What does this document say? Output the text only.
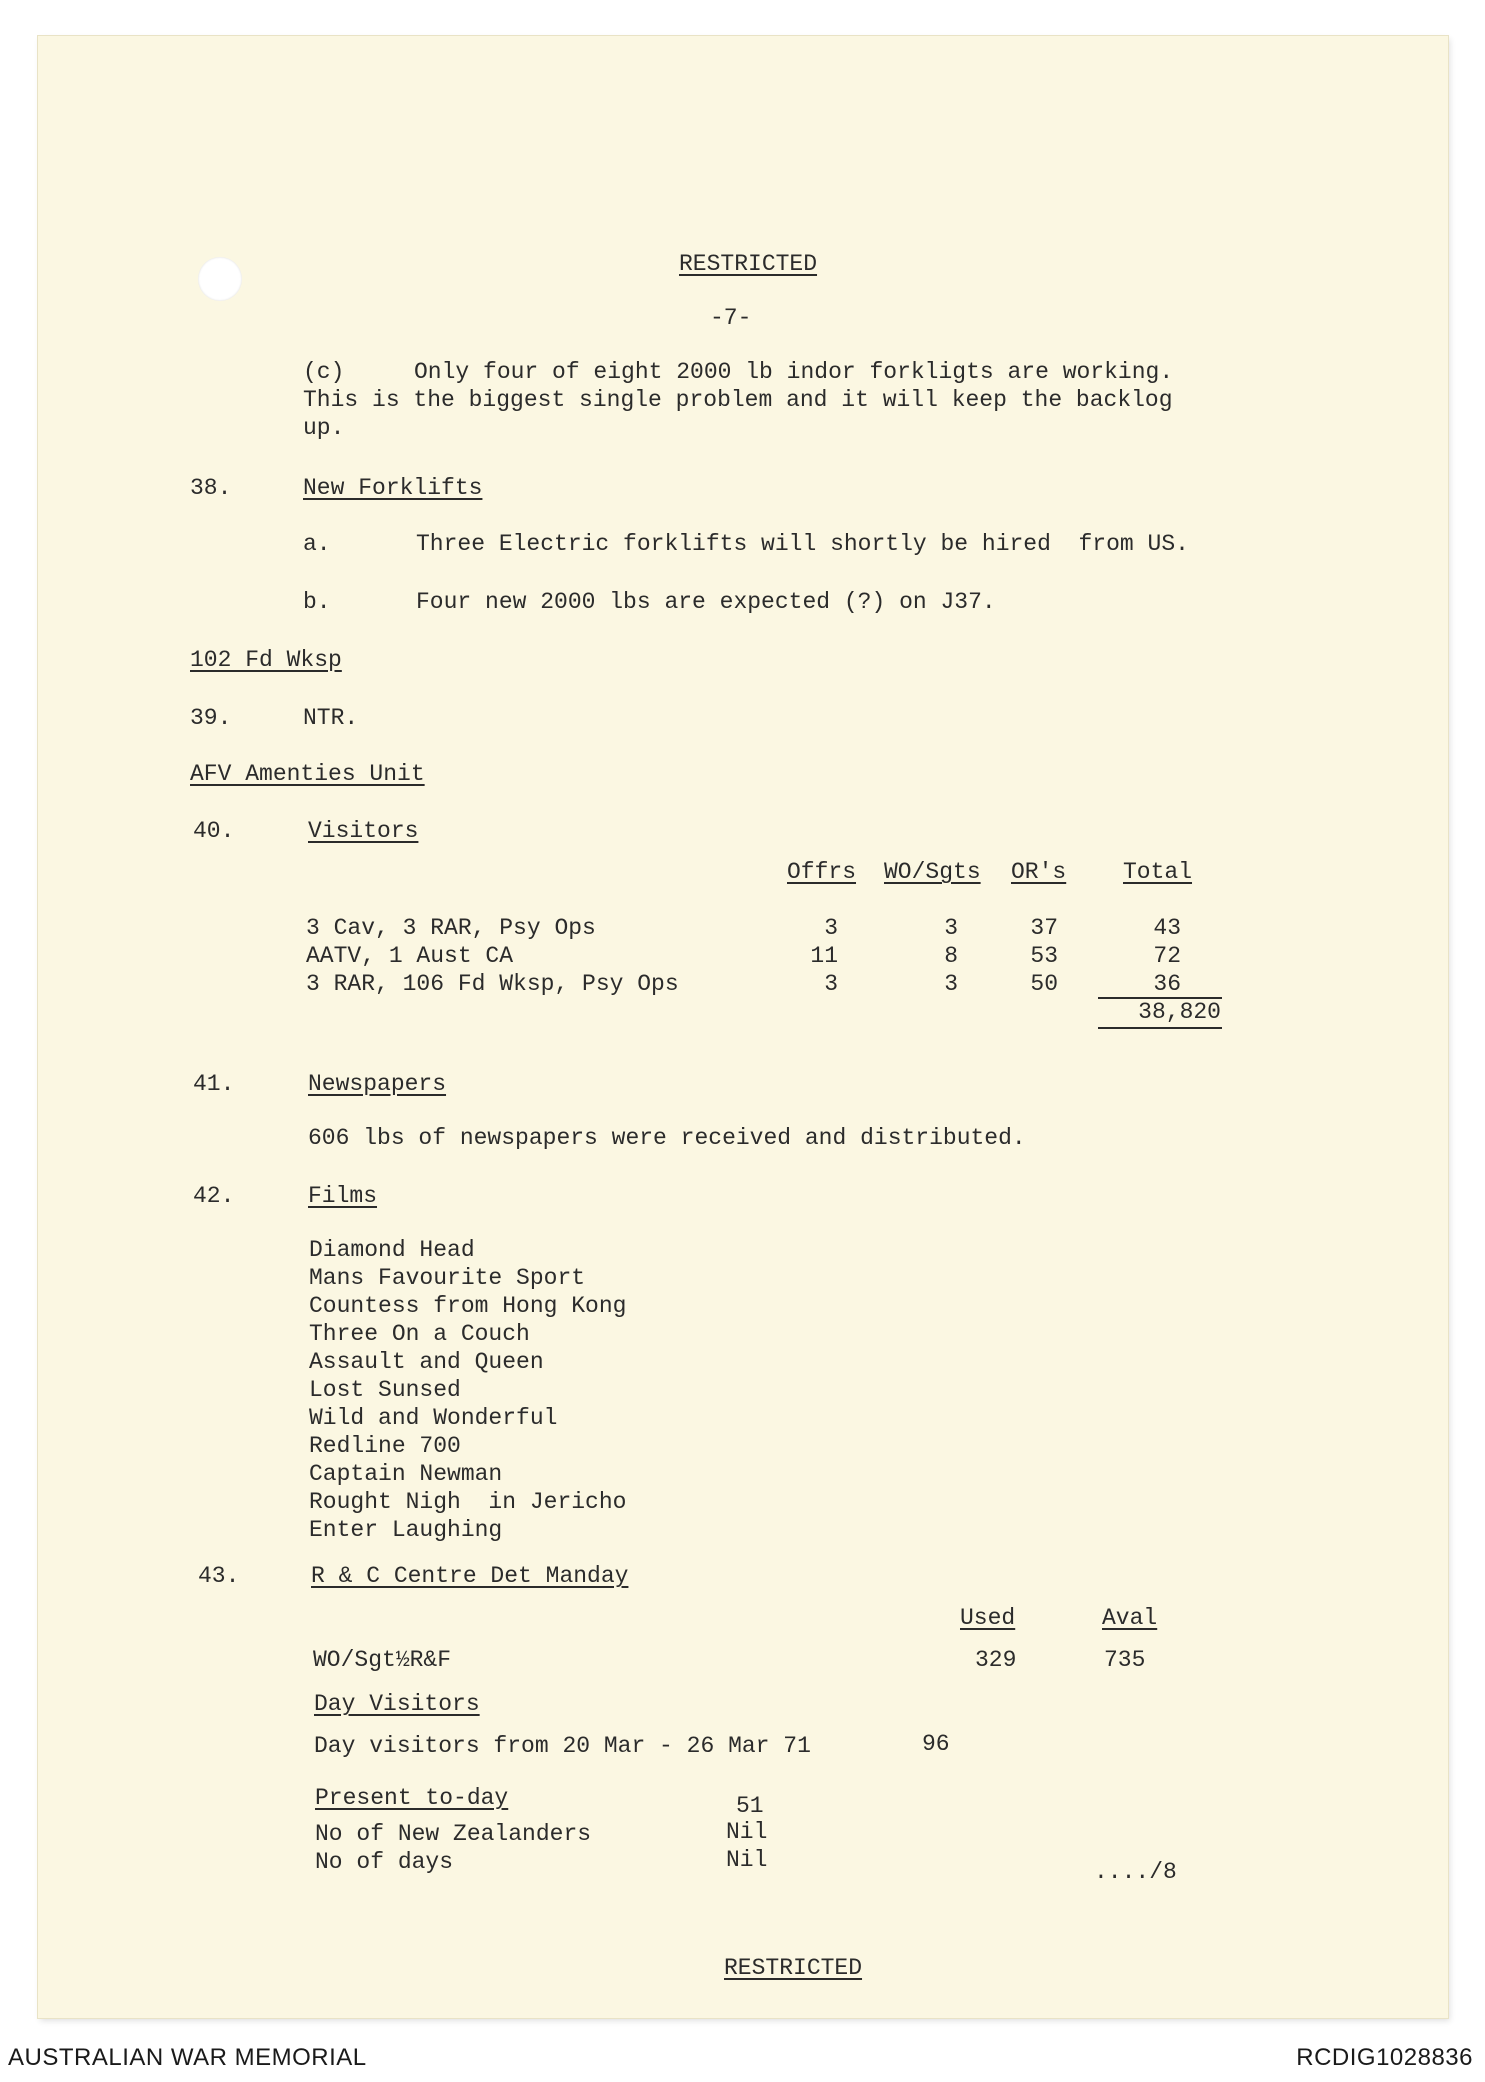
RESTRICTED
-7-
(c)	Only four of eight 2000 lb indor forkligts are working.
This is the biggest single problem and it will keep the backlog
up.
38.	New Forklifts
a.	Three Electric forklifts will shortly be hired  from US.
b.	Four new 2000 lbs are expected (?) on J37.
102 Fd Wksp
39.	NTR.
AFV Amenties Unit
40.	Visitors
Offrs WO/Sgts OR's Total
3 Cav, 3 RAR, Psy Ops	3	3	37	43
AATV, 1 Aust CA	11	8	53	72
3 RAR, 106 Fd Wksp, Psy Ops	3	3	50	36
38,820
41.	Newspapers
606 lbs of newspapers were received and distributed.
42.	Films
Diamond Head
Mans Favourite Sport
Countess from Hong Kong
Three On a Couch
Assault and Queen
Lost Sunsed
Wild and Wonderful
Redline 700
Captain Newman
Rought Nigh  in Jericho
Enter Laughing
43.	R & C Centre Det Manday
Used	Aval
WO/Sgt½R&F	329	735
Day Visitors
Day visitors from 20 Mar - 26 Mar 71	96
Present to-day	51
No of New Zealanders	Nil
No of days	Nil	..../8
RESTRICTED
AUSTRALIAN WAR MEMORIAL	RCDIG1028836
